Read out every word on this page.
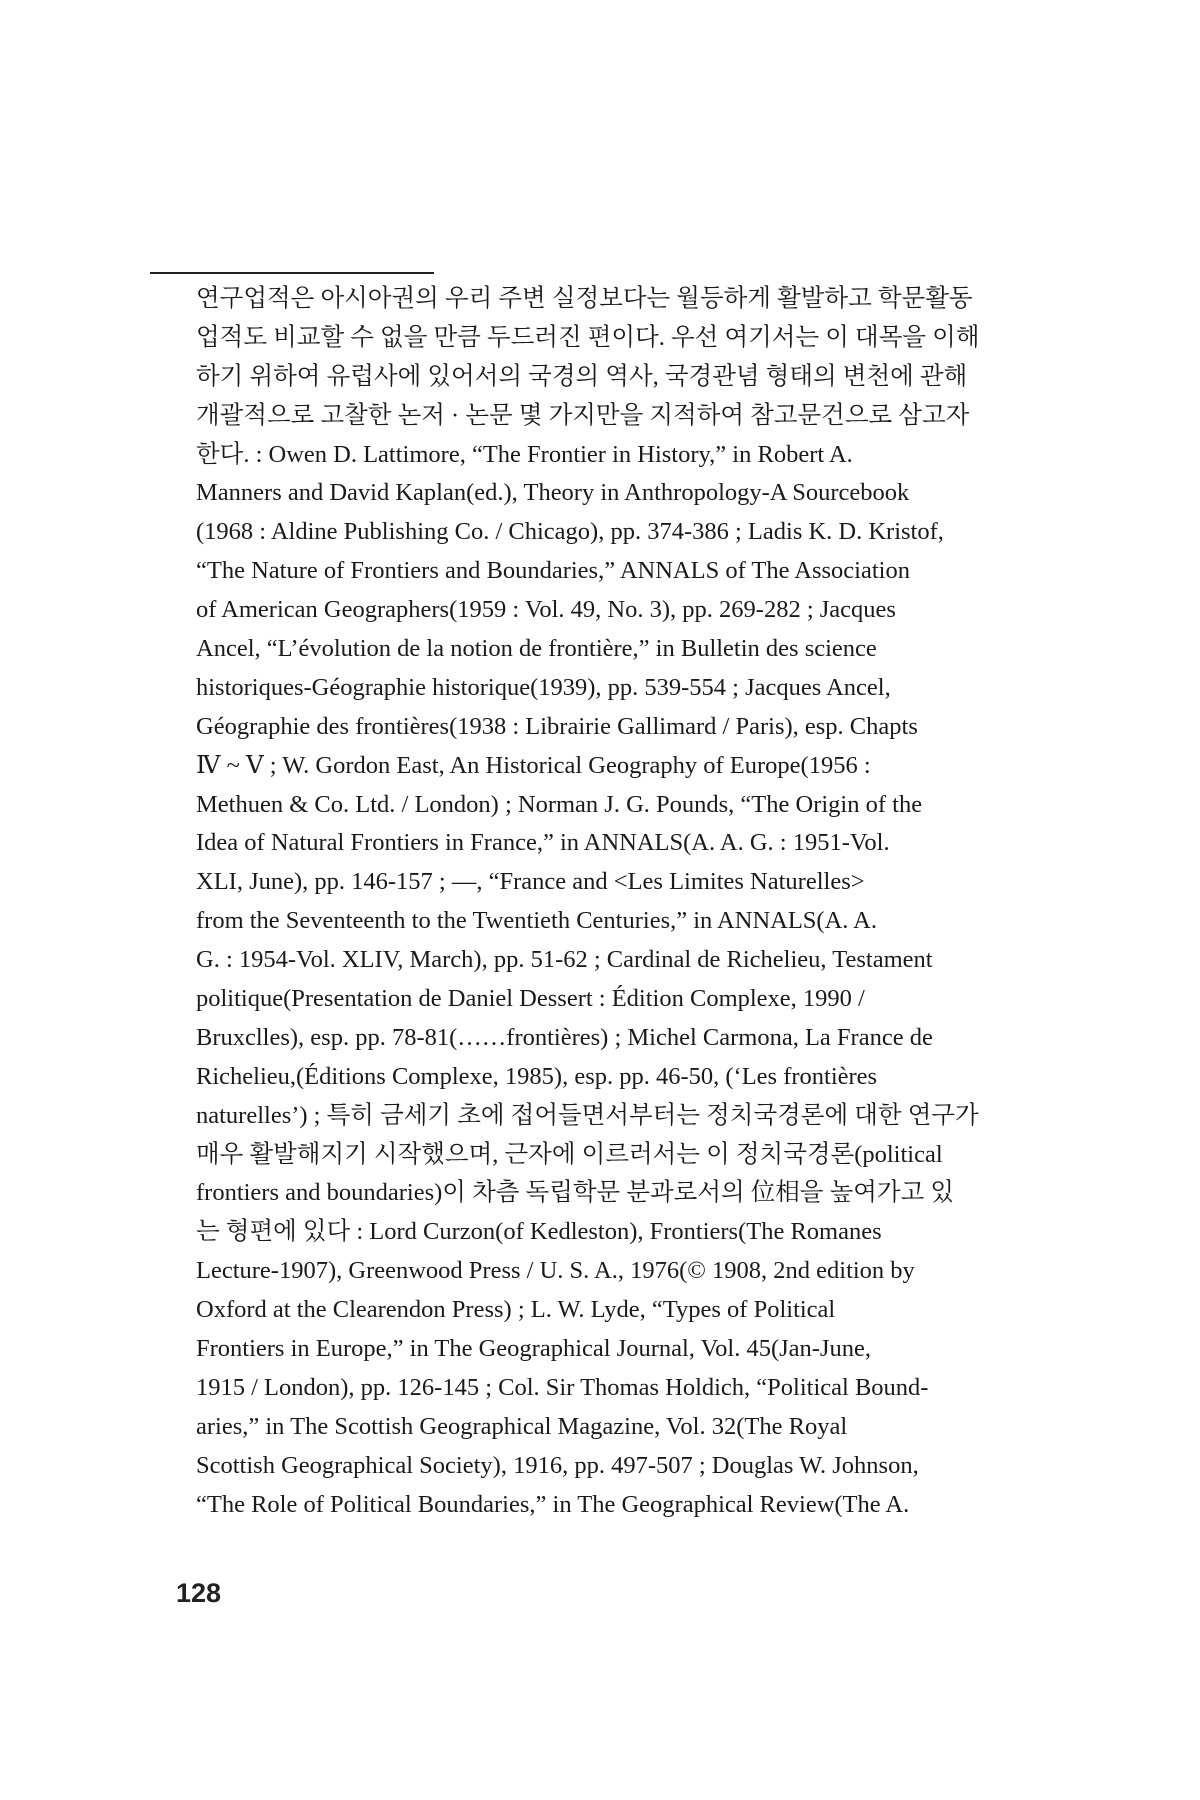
연구업적은 아시아권의 우리 주변 실정보다는 월등하게 활발하고 학문활동
업적도 비교할 수 없을 만큼 두드러진 편이다. 우선 여기서는 이 대목을 이해
하기 위하여 유럽사에 있어서의 국경의 역사, 국경관념 형태의 변천에 관해
개괄적으로 고찰한 논저 · 논문 몇 가지만을 지적하여 참고문건으로 삼고자
한다. : Owen D. Lattimore, “The Frontier in History,” in Robert A.
Manners and David Kaplan(ed.), Theory in Anthropology-A Sourcebook
(1968 : Aldine Publishing Co. / Chicago), pp. 374-386 ; Ladis K. D. Kristof,
“The Nature of Frontiers and Boundaries,” ANNALS of The Association
of American Geographers(1959 : Vol. 49, No. 3), pp. 269-282 ; Jacques
Ancel, “L’évolution de la notion de frontière,” in Bulletin des science
historiques-Géographie historique(1939), pp. 539-554 ; Jacques Ancel,
Géographie des frontières(1938 : Librairie Gallimard / Paris), esp. Chapts
Ⅳ ~ Ⅴ ; W. Gordon East, An Historical Geography of Europe(1956 :
Methuen & Co. Ltd. / London) ; Norman J. G. Pounds, “The Origin of the
Idea of Natural Frontiers in France,” in ANNALS(A. A. G. : 1951-Vol.
XLI, June), pp. 146-157 ; —, “France and <Les Limites Naturelles>
from the Seventeenth to the Twentieth Centuries,” in ANNALS(A. A.
G. : 1954-Vol. XLIV, March), pp. 51-62 ; Cardinal de Richelieu, Testament
politique(Presentation de Daniel Dessert : Édition Complexe, 1990 /
Bruxclles), esp. pp. 78-81(……frontières) ; Michel Carmona, La France de
Richelieu,(Éditions Complexe, 1985), esp. pp. 46-50, (‘Les frontières
naturelles’) ; 특히 금세기 초에 접어들면서부터는 정치국경론에 대한 연구가
매우 활발해지기 시작했으며, 근자에 이르러서는 이 정치국경론(political
frontiers and boundaries)이 차츰 독립학문 분과로서의 位相을 높여가고 있
는 형편에 있다 : Lord Curzon(of Kedleston), Frontiers(The Romanes
Lecture-1907), Greenwood Press / U. S. A., 1976(© 1908, 2nd edition by
Oxford at the Clearendon Press) ; L. W. Lyde, “Types of Political
Frontiers in Europe,” in The Geographical Journal, Vol. 45(Jan-June,
1915 / London), pp. 126-145 ; Col. Sir Thomas Holdich, “Political Bound-
aries,” in The Scottish Geographical Magazine, Vol. 32(The Royal
Scottish Geographical Society), 1916, pp. 497-507 ; Douglas W. Johnson,
“The Role of Political Boundaries,” in The Geographical Review(The A.
128
